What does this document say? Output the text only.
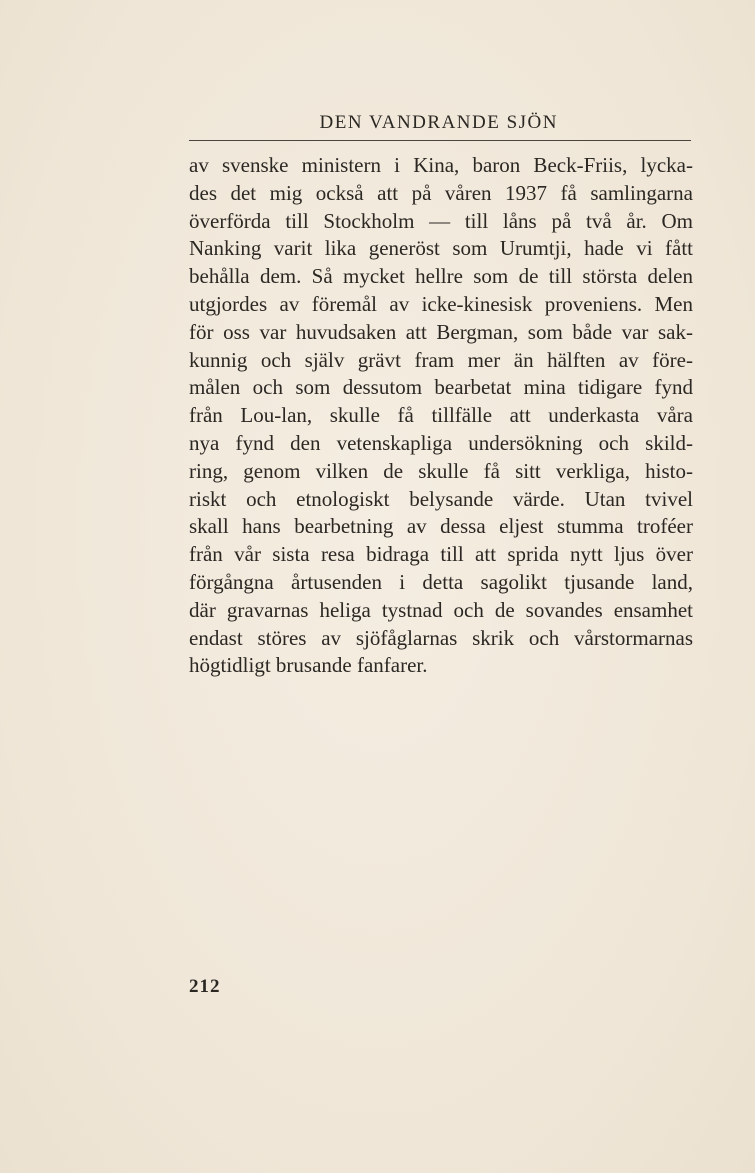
DEN VANDRANDE SJÖN
av svenske ministern i Kina, baron Beck-Friis, lycka-
des det mig också att på våren 1937 få samlingarna
överförda till Stockholm — till låns på två år. Om
Nanking varit lika generöst som Urumtji, hade vi fått
behålla dem. Så mycket hellre som de till största delen
utgjordes av föremål av icke-kinesisk proveniens. Men
för oss var huvudsaken att Bergman, som både var sak-
kunnig och själv grävt fram mer än hälften av före-
målen och som dessutom bearbetat mina tidigare fynd
från Lou-lan, skulle få tillfälle att underkasta våra
nya fynd den vetenskapliga undersökning och skild-
ring, genom vilken de skulle få sitt verkliga, histo-
riskt och etnologiskt belysande värde. Utan tvivel
skall hans bearbetning av dessa eljest stumma troféer
från vår sista resa bidraga till att sprida nytt ljus över
förgångna årtusenden i detta sagolikt tjusande land,
där gravarnas heliga tystnad och de sovandes ensamhet
endast störes av sjöfåglarnas skrik och vårstormarnas
högtidligt brusande fanfarer.
212
